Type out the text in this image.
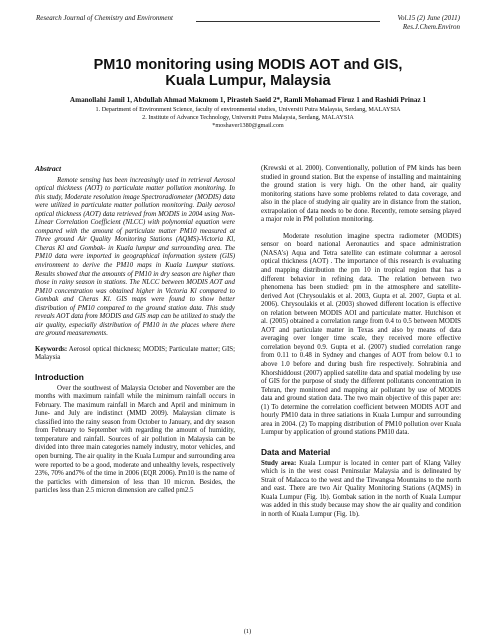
Research Journal of Chemistry and Environment	Vol.15 (2) June (2011)
Res.J.Chem.Environ
PM10 monitoring using MODIS AOT and GIS,
Kuala Lumpur, Malaysia
Amanollahi Jamil 1, Abdullah Ahmad Makmom 1, Pirasteh Saeid 2*, Ramli Mohamad Firuz 1 and Rashidi Prinaz 1
1. Department of Environment Science, faculty of environmental studies, Universiti Putra Malaysia, Serdang, MALAYSIA
2. Institute of Advance Technology, Universiti Putra Malaysia, Serdang, MALAYSIA
*moshaver1380@gmail.com
Abstract

Remote sensing has been increasingly used in retrieval Aerosol optical thickness (AOT) to particulate matter pollution monitoring. In this study, Moderate resolution image Spectroradiometer (MODIS) data were utilized in particulate matter pollution monitoring. Daily aerosol optical thickness (AOT) data retrieved from MODIS in 2004 using Non-Linear Correlation Coefficient (NLCC) with polynomial equation were compared with the amount of particulate matter PM10 measured at Three ground Air Quality Monitoring Stations (AQMS)-Victoria Kl, Cheras Kl and Gombak- in Kuala lumpur and surrounding area. The PM10 data were imported in geographical information system (GIS) environment to derive the PM10 maps in Kuala Lumpur stations. Results showed that the amounts of PM10 in dry season are higher than those in rainy season in stations. The NLCC between MODIS AOT and PM10 concentration was obtained higher in Victoria Kl compared to Gombak and Cheras Kl. GIS maps were found to show better distribution of PM10 compared to the ground station data. This study reveals AOT data from MODIS and GIS map can be utilized to study the air quality, especially distribution of PM10 in the places where there are ground measurements.

Keywords: Aerosol optical thickness; MODIS; Particulate matter; GIS; Malaysia
Introduction

Over the southwest of Malaysia October and November are the months with maximum rainfall while the minimum rainfall occurs in February. The maximum rainfall in March and April and minimum in June- and July are indistinct (MMD 2009). Malaysian climate is classified into the rainy season from October to January, and dry season from February to September with regarding the amount of humidity, temperature and rainfall. Sources of air pollution in Malaysia can be divided into three main categories namely industry, motor vehicles, and open burning. The air quality in the Kuala Lumpur and surrounding area were reported to be a good, moderate and unhealthy levels, respectively 23%, 70% and7% of the time in 2006 (EQR 2006). Pm10 is the name of the particles with dimension of less than 10 micron. Besides, the particles less than 2.5 micron dimension are called pm2.5

(Krewski et al. 2000). Conventionally, pollution of PM kinds has been studied in ground station. But the expense of installing and maintaining the ground station is very high. On the other hand, air quality monitoring stations have some problems related to data coverage, and also in the place of studying air quality are in distance from the station, extrapolation of data needs to be done. Recently, remote sensing played a major role in PM pollution monitoring.

Moderate resolution imagine spectra radiometer (MODIS) sensor on board national Aeronautics and space administration (NASA's) Aqua and Tetra satellite can estimate columnar a aerosol optical thickness (AOT) . The importance of this research is evaluating and mapping distribution the pm 10 in tropical region that has a different behavior in refining data. The relation between two phenomena has been studied: pm in the atmosphere and satellite- derived Aot (Chrysoulakis et al. 2003, Gupta et al. 2007, Gupta et al. 2006). Chrysoulakis et al. (2003) showed different location is effective on relation between MODIS AOI and particulate matter. Hutchison et al. (2005) obtained a correlation range from 0.4 to 0.5 between MODIS AOT and particulate matter in Texas and also by means of data averaging over longer time scale, they received more effective correlation beyond 0.9. Gupta et al. (2007) studied correlation range from 0.11 to 0.48 in Sydney and changes of AOT from below 0.1 to above 1.0 before and during bush fire respectively. Sohrabinia and Khorshiddoust (2007) applied satellite data and spatial modeling by use of GIS for the purpose of study the different pollutants concentration in Tehran, they monitored and mapping air pollutant by use of MODIS data and ground station data. The two main objective of this paper are: (1) To determine the correlation coefficient between MODIS AOT and hourly PM10 data in three satiations in Kuala Lumpur and surrounding area in 2004. (2) To mapping distribution of PM10 pollution over Kuala Lumpur by application of ground stations PM10 data.

Data and Material

Study area: Kuala Lumpur is located in center part of Klang Valley which is in the west coast Peninsular Malaysia and is delineated by Strait of Malacca to the west and the Titwangsa Mountains to the north and east. There are two Air Quality Monitoring Stations (AQMS) in Kuala Lumpur (Fig. 1b). Gombak sation in the north of Kuala Lumpur was added in this study because may show the air quality and condition in north of Kuala Lumpur (Fig. 1b).

(1)
